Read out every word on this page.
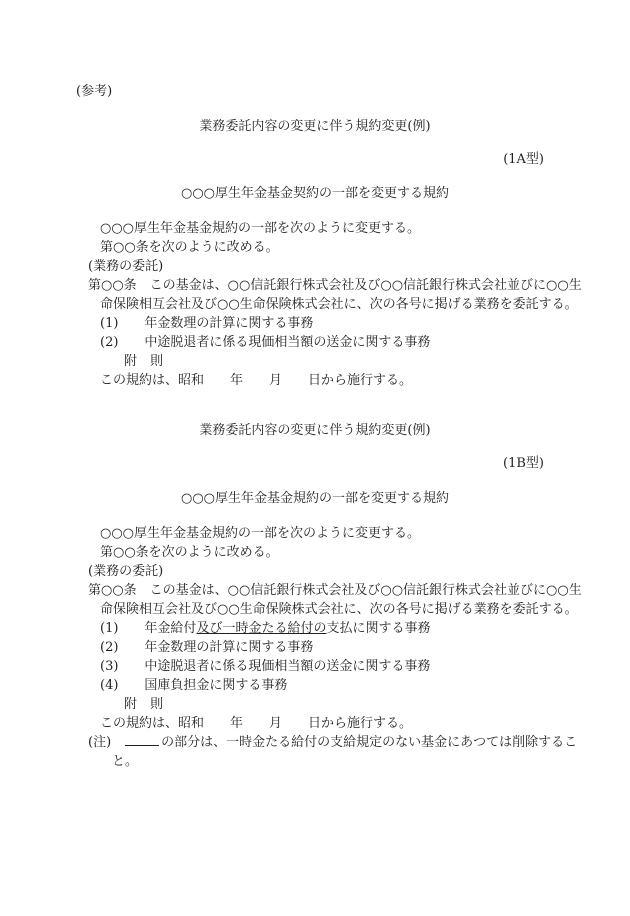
(参考)
業務委託内容の変更に伴う規約変更(例)
(1A型)
○○○厚生年金基金契約の一部を変更する規約
○○○厚生年金基金規約の一部を次のように変更する。
第○○条を次のように改める。
(業務の委託)
第○○条　この基金は、○○信託銀行株式会社及び○○信託銀行株式会社並びに○○生
命保険相互会社及び○○生命保険株式会社に、次の各号に掲げる業務を委託する。
(1) 年金数理の計算に関する事務
(2) 中途脱退者に係る現価相当額の送金に関する事務
附　則
この規約は、昭和 年 月 日から施行する。
業務委託内容の変更に伴う規約変更(例)
(1B型)
○○○厚生年金基金規約の一部を変更する規約
○○○厚生年金基金規約の一部を次のように変更する。
第○○条を次のように改める。
(業務の委託)
第○○条　この基金は、○○信託銀行株式会社及び○○信託銀行株式会社並びに○○生
命保険相互会社及び○○生命保険株式会社に、次の各号に掲げる業務を委託する。
(1) 年金給付及び一時金たる給付の支払に関する事務
(2) 年金数理の計算に関する事務
(3) 中途脱退者に係る現価相当額の送金に関する事務
(4) 国庫負担金に関する事務
附　則
この規約は、昭和 年 月 日から施行する。
(注)	の部分は、一時金たる給付の支給規定のない基金にあつては削除するこ
と。
